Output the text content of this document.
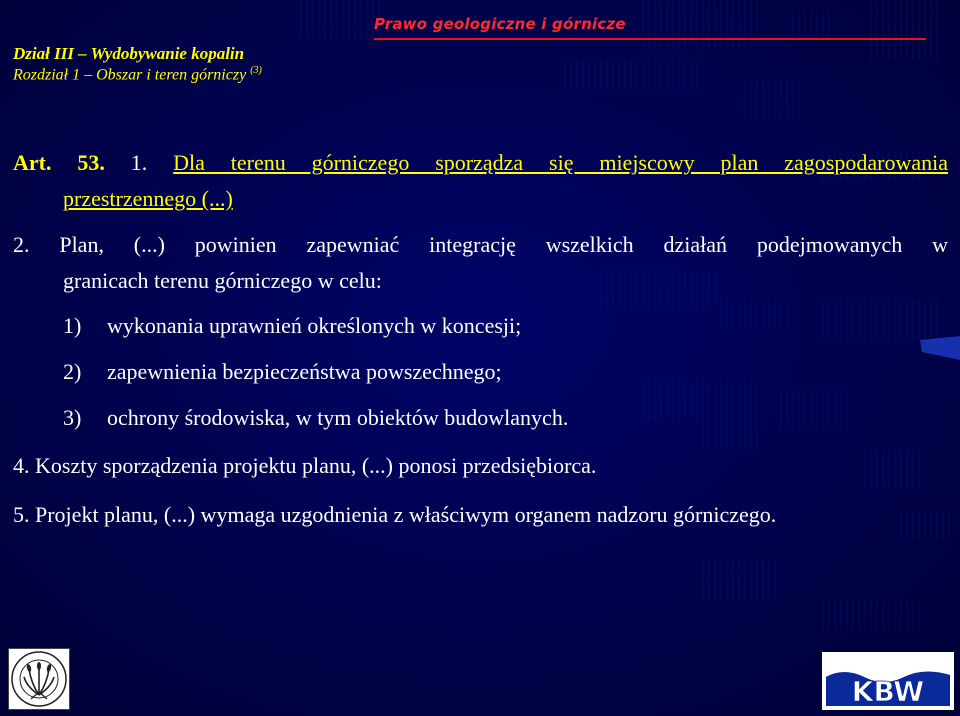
Prawo geologiczne i górnicze
Dział III – Wydobywanie kopalin
Rozdział 1 – Obszar i teren górniczy $^{(3)}$

Art. 53. 1. Dla terenu górniczego sporządza się miejscowy plan zagospodarowania

przestrzennego (...)

2. Plan, (...) powinien zapewniać integrację wszelkich działań podejmowanych w

granicach terenu górniczego w celu:

1) wykonania uprawnień określonych w koncesji;

2) zapewnienia bezpieczeństwa powszechnego;

3) ochrony środowiska, w tym obiektów budowlanych.

4. Koszty sporządzenia projektu planu, (...) ponosi przedsiębiorca.

5. Projekt planu, (...) wymaga uzgodnienia z właściwym organem nadzoru górniczego.

KBW
